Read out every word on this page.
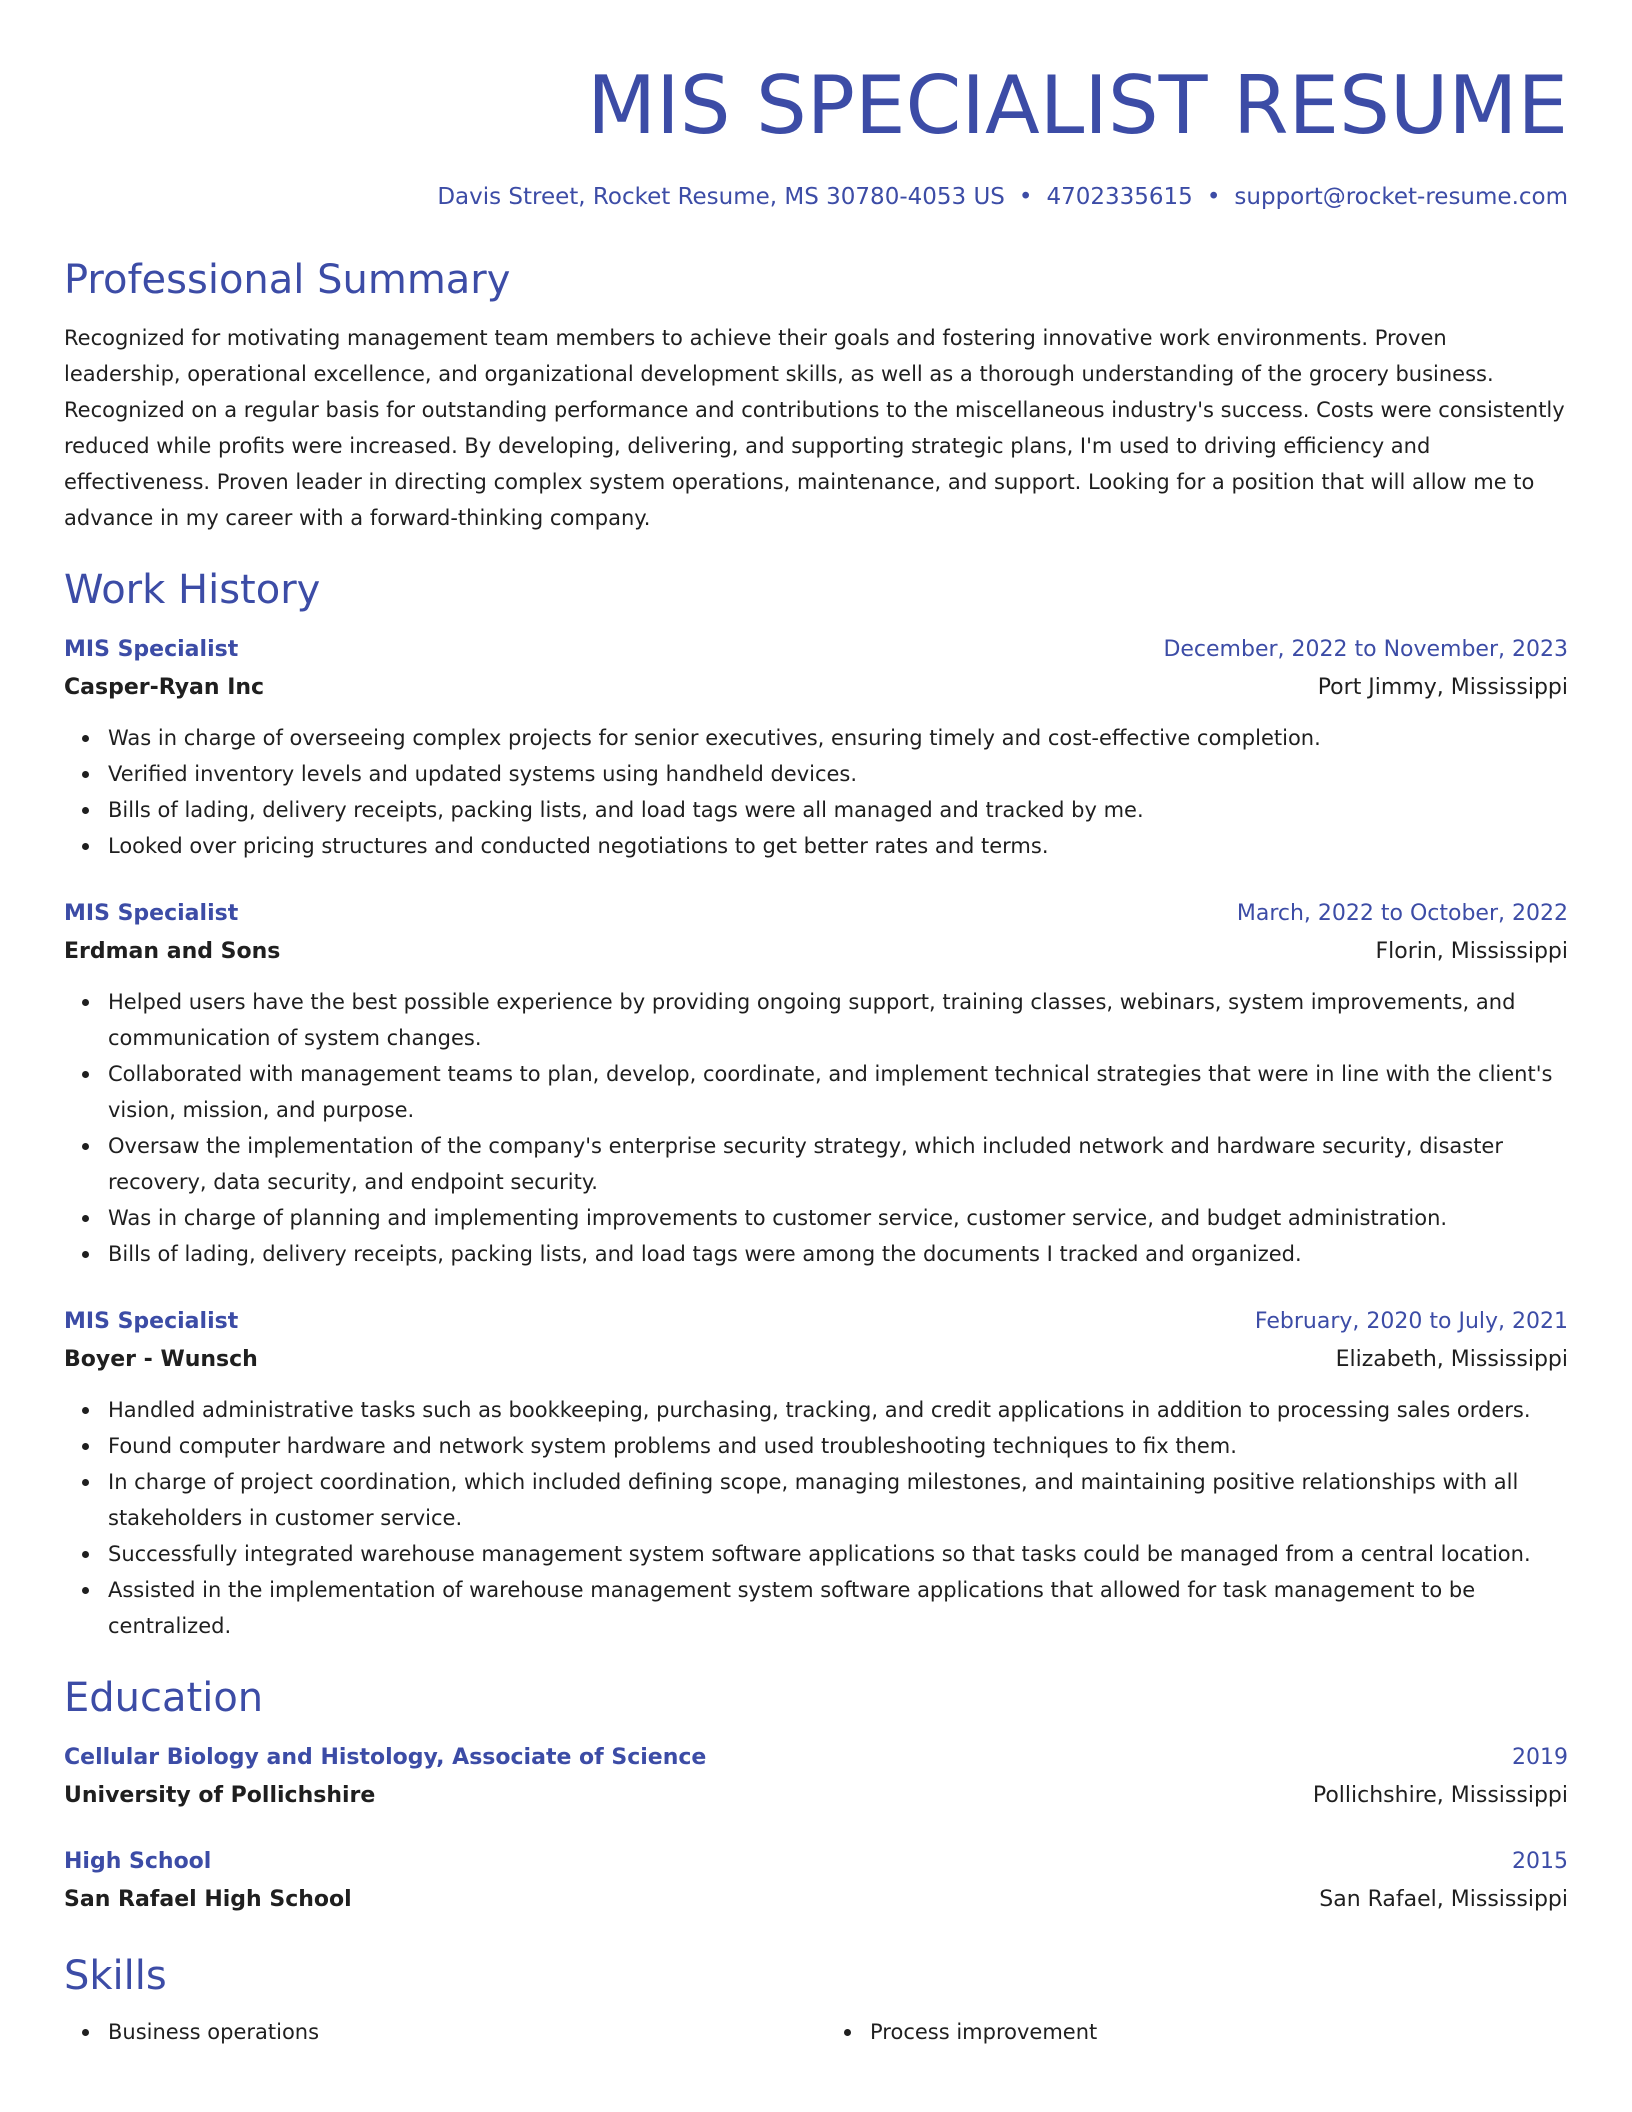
MIS SPECIALIST RESUME
Davis Street, Rocket Resume, MS 30780-4053 US • 4702335615 • support@rocket-resume.com
Professional Summary
Recognized for motivating management team members to achieve their goals and fostering innovative work environments. Proven leadership, operational excellence, and organizational development skills, as well as a thorough understanding of the grocery business. Recognized on a regular basis for outstanding performance and contributions to the miscellaneous industry's success. Costs were consistently reduced while profits were increased. By developing, delivering, and supporting strategic plans, I'm used to driving efficiency and effectiveness. Proven leader in directing complex system operations, maintenance, and support. Looking for a position that will allow me to advance in my career with a forward-thinking company.
Work History
MIS Specialist	December, 2022 to November, 2023
Casper-Ryan Inc	Port Jimmy, Mississippi
Was in charge of overseeing complex projects for senior executives, ensuring timely and cost-effective completion.
Verified inventory levels and updated systems using handheld devices.
Bills of lading, delivery receipts, packing lists, and load tags were all managed and tracked by me.
Looked over pricing structures and conducted negotiations to get better rates and terms.
MIS Specialist	March, 2022 to October, 2022
Erdman and Sons	Florin, Mississippi
Helped users have the best possible experience by providing ongoing support, training classes, webinars, system improvements, and communication of system changes.
Collaborated with management teams to plan, develop, coordinate, and implement technical strategies that were in line with the client's vision, mission, and purpose.
Oversaw the implementation of the company's enterprise security strategy, which included network and hardware security, disaster recovery, data security, and endpoint security.
Was in charge of planning and implementing improvements to customer service, customer service, and budget administration.
Bills of lading, delivery receipts, packing lists, and load tags were among the documents I tracked and organized.
MIS Specialist	February, 2020 to July, 2021
Boyer - Wunsch	Elizabeth, Mississippi
Handled administrative tasks such as bookkeeping, purchasing, tracking, and credit applications in addition to processing sales orders.
Found computer hardware and network system problems and used troubleshooting techniques to fix them.
In charge of project coordination, which included defining scope, managing milestones, and maintaining positive relationships with all stakeholders in customer service.
Successfully integrated warehouse management system software applications so that tasks could be managed from a central location.
Assisted in the implementation of warehouse management system software applications that allowed for task management to be centralized.
Education
Cellular Biology and Histology, Associate of Science	2019
University of Pollichshire	Pollichshire, Mississippi
High School	2015
San Rafael High School	San Rafael, Mississippi
Skills
Business operations	Process improvement
